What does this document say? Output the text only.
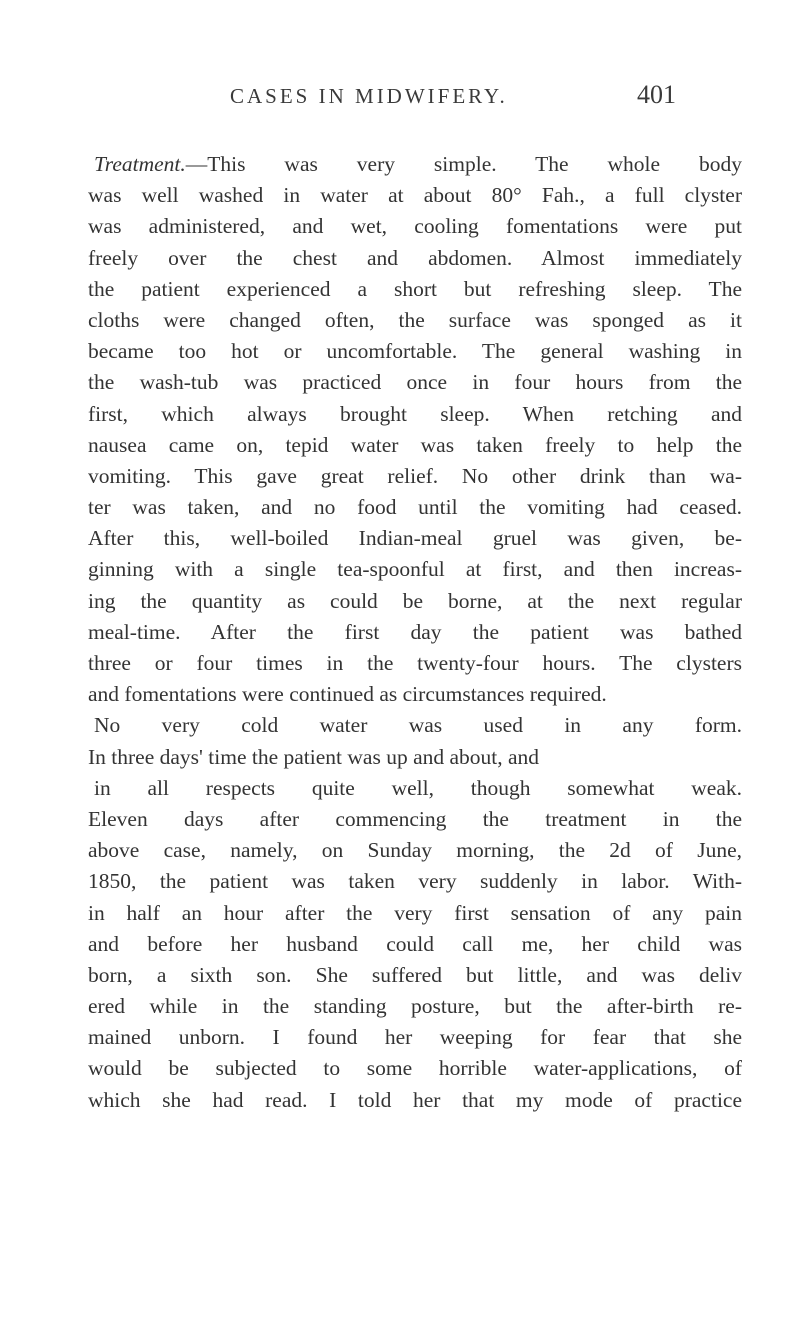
CASES IN MIDWIFERY.	401
Treatment.—This was very simple. The whole body
was well washed in water at about 80° Fah., a full clyster
was administered, and wet, cooling fomentations were put
freely over the chest and abdomen. Almost immediately
the patient experienced a short but refreshing sleep. The
cloths were changed often, the surface was sponged as it
became too hot or uncomfortable. The general washing in
the wash-tub was practiced once in four hours from the
first, which always brought sleep. When retching and
nausea came on, tepid water was taken freely to help the
vomiting. This gave great relief. No other drink than wa-
ter was taken, and no food until the vomiting had ceased.
After this, well-boiled Indian-meal gruel was given, be-
ginning with a single tea-spoonful at first, and then increas-
ing the quantity as could be borne, at the next regular
meal-time. After the first day the patient was bathed
three or four times in the twenty-four hours. The clysters
and fomentations were continued as circumstances required.
No very cold water was used in any form.
In three days' time the patient was up and about, and
in all respects quite well, though somewhat weak.
Eleven days after commencing the treatment in the
above case, namely, on Sunday morning, the 2d of June,
1850, the patient was taken very suddenly in labor. With-
in half an hour after the very first sensation of any pain
and before her husband could call me, her child was
born, a sixth son. She suffered but little, and was deliv
ered while in the standing posture, but the after-birth re-
mained unborn. I found her weeping for fear that she
would be subjected to some horrible water-applications, of
which she had read. I told her that my mode of practice
